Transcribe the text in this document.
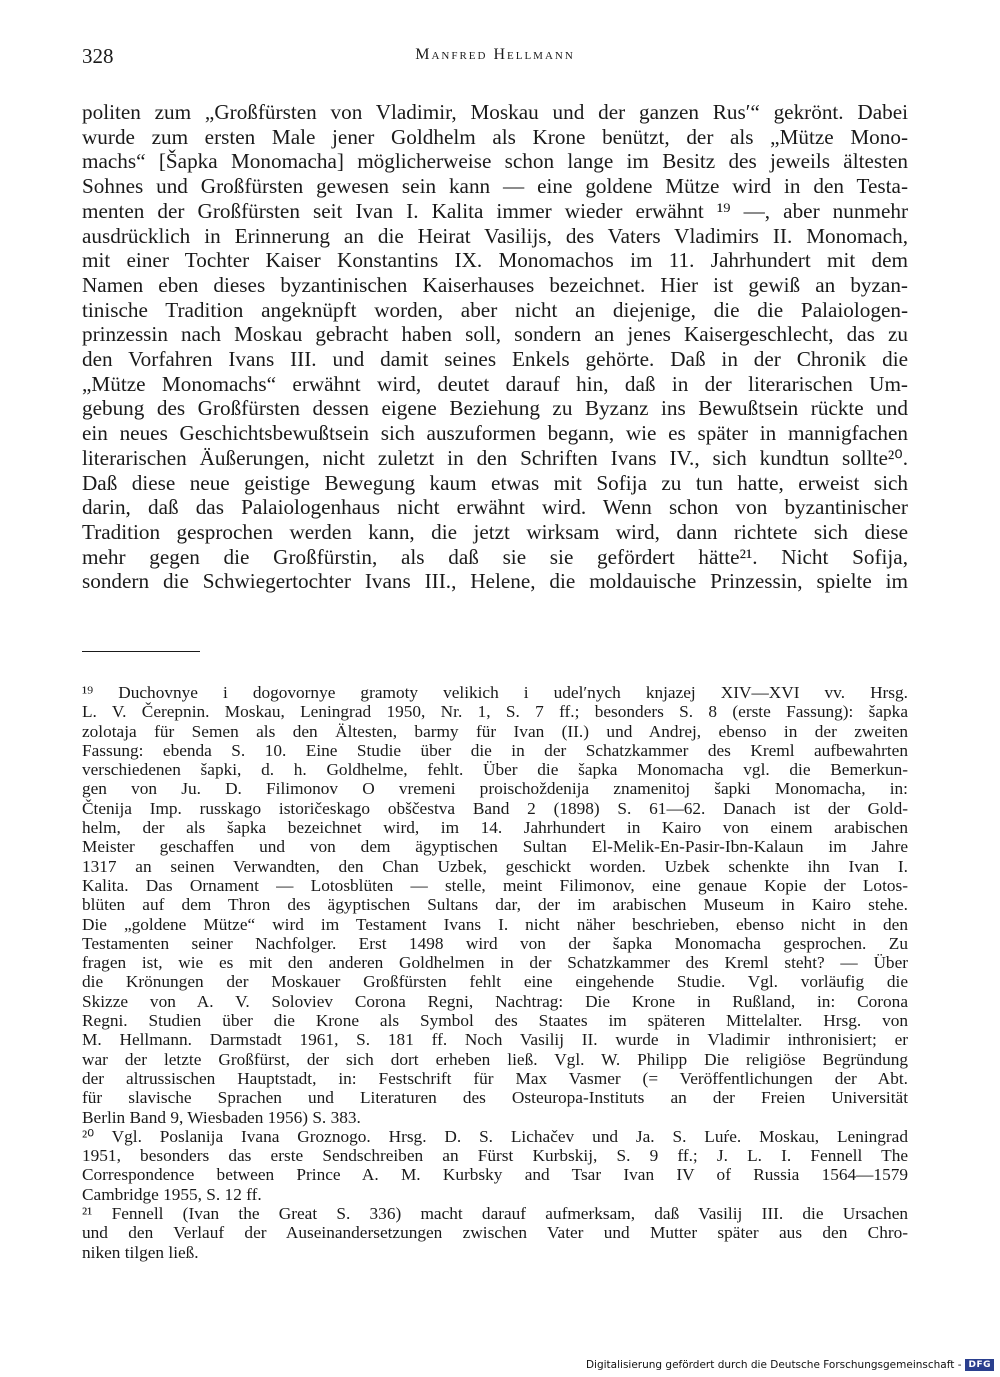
328	Manfred Hellmann
politen zum „Großfürsten von Vladimir, Moskau und der ganzen Rus′“ gekrönt. Dabei
wurde zum ersten Male jener Goldhelm als Krone benützt, der als „Mütze Mono-
machs“ [Šapka Monomacha] möglicherweise schon lange im Besitz des jeweils ältesten
Sohnes und Großfürsten gewesen sein kann — eine goldene Mütze wird in den Testa-
menten der Großfürsten seit Ivan I. Kalita immer wieder erwähnt ¹⁹ —, aber nunmehr
ausdrücklich in Erinnerung an die Heirat Vasilijs, des Vaters Vladimirs II. Monomach,
mit einer Tochter Kaiser Konstantins IX. Monomachos im 11. Jahrhundert mit dem
Namen eben dieses byzantinischen Kaiserhauses bezeichnet. Hier ist gewiß an byzan-
tinische Tradition angeknüpft worden, aber nicht an diejenige, die die Palaiologen-
prinzessin nach Moskau gebracht haben soll, sondern an jenes Kaisergeschlecht, das zu
den Vorfahren Ivans III. und damit seines Enkels gehörte. Daß in der Chronik die
„Mütze Monomachs“ erwähnt wird, deutet darauf hin, daß in der literarischen Um-
gebung des Großfürsten dessen eigene Beziehung zu Byzanz ins Bewußtsein rückte und
ein neues Geschichtsbewußtsein sich auszuformen begann, wie es später in mannigfachen
literarischen Äußerungen, nicht zuletzt in den Schriften Ivans IV., sich kundtun sollte²⁰.
Daß diese neue geistige Bewegung kaum etwas mit Sofija zu tun hatte, erweist sich
darin, daß das Palaiologenhaus nicht erwähnt wird. Wenn schon von byzantinischer
Tradition gesprochen werden kann, die jetzt wirksam wird, dann richtete sich diese
mehr gegen die Großfürstin, als daß sie sie gefördert hätte²¹. Nicht Sofija,
sondern die Schwiegertochter Ivans III., Helene, die moldauische Prinzessin, spielte im
¹⁹ Duchovnye i dogovornye gramoty velikich i udel′nych knjazej XIV—XVI vv. Hrsg.
L. V. Čerepnin. Moskau, Leningrad 1950, Nr. 1, S. 7 ff.; besonders S. 8 (erste Fassung): šapka
zolotaja für Semen als den Ältesten, barmy für Ivan (II.) und Andrej, ebenso in der zweiten
Fassung: ebenda S. 10. Eine Studie über die in der Schatzkammer des Kreml aufbewahrten
verschiedenen šapki, d. h. Goldhelme, fehlt. Über die šapka Monomacha vgl. die Bemerkun-
gen von Ju. D. Filimonov O vremeni proischoždenija znamenitoj šapki Monomacha, in:
Čtenija Imp. russkago istoričeskago obščestva Band 2 (1898) S. 61—62. Danach ist der Gold-
helm, der als šapka bezeichnet wird, im 14. Jahrhundert in Kairo von einem arabischen
Meister geschaffen und von dem ägyptischen Sultan El-Melik-En-Pasir-Ibn-Kalaun im Jahre
1317 an seinen Verwandten, den Chan Uzbek, geschickt worden. Uzbek schenkte ihn Ivan I.
Kalita. Das Ornament — Lotosblüten — stelle, meint Filimonov, eine genaue Kopie der Lotos-
blüten auf dem Thron des ägyptischen Sultans dar, der im arabischen Museum in Kairo stehe.
Die „goldene Mütze“ wird im Testament Ivans I. nicht näher beschrieben, ebenso nicht in den
Testamenten seiner Nachfolger. Erst 1498 wird von der šapka Monomacha gesprochen. Zu
fragen ist, wie es mit den anderen Goldhelmen in der Schatzkammer des Kreml steht? — Über
die Krönungen der Moskauer Großfürsten fehlt eine eingehende Studie. Vgl. vorläufig die
Skizze von A. V. Soloviev Corona Regni, Nachtrag: Die Krone in Rußland, in: Corona
Regni. Studien über die Krone als Symbol des Staates im späteren Mittelalter. Hrsg. von
M. Hellmann. Darmstadt 1961, S. 181 ff. Noch Vasilij II. wurde in Vladimir inthronisiert; er
war der letzte Großfürst, der sich dort erheben ließ. Vgl. W. Philipp Die religiöse Begründung
der altrussischen Hauptstadt, in: Festschrift für Max Vasmer (= Veröffentlichungen der Abt.
für slavische Sprachen und Literaturen des Osteuropa-Instituts an der Freien Universität
Berlin Band 9, Wiesbaden 1956) S. 383.
²⁰ Vgl. Poslanija Ivana Groznogo. Hrsg. D. S. Lichačev und Ja. S. Luŕe. Moskau, Leningrad
1951, besonders das erste Sendschreiben an Fürst Kurbskij, S. 9 ff.; J. L. I. Fennell The
Correspondence between Prince A. M. Kurbsky and Tsar Ivan IV of Russia 1564—1579
Cambridge 1955, S. 12 ff.
²¹ Fennell (Ivan the Great S. 336) macht darauf aufmerksam, daß Vasilij III. die Ursachen
und den Verlauf der Auseinandersetzungen zwischen Vater und Mutter später aus den Chro-
niken tilgen ließ.
Digitalisierung gefördert durch die Deutsche Forschungsgemeinschaft - DFG
